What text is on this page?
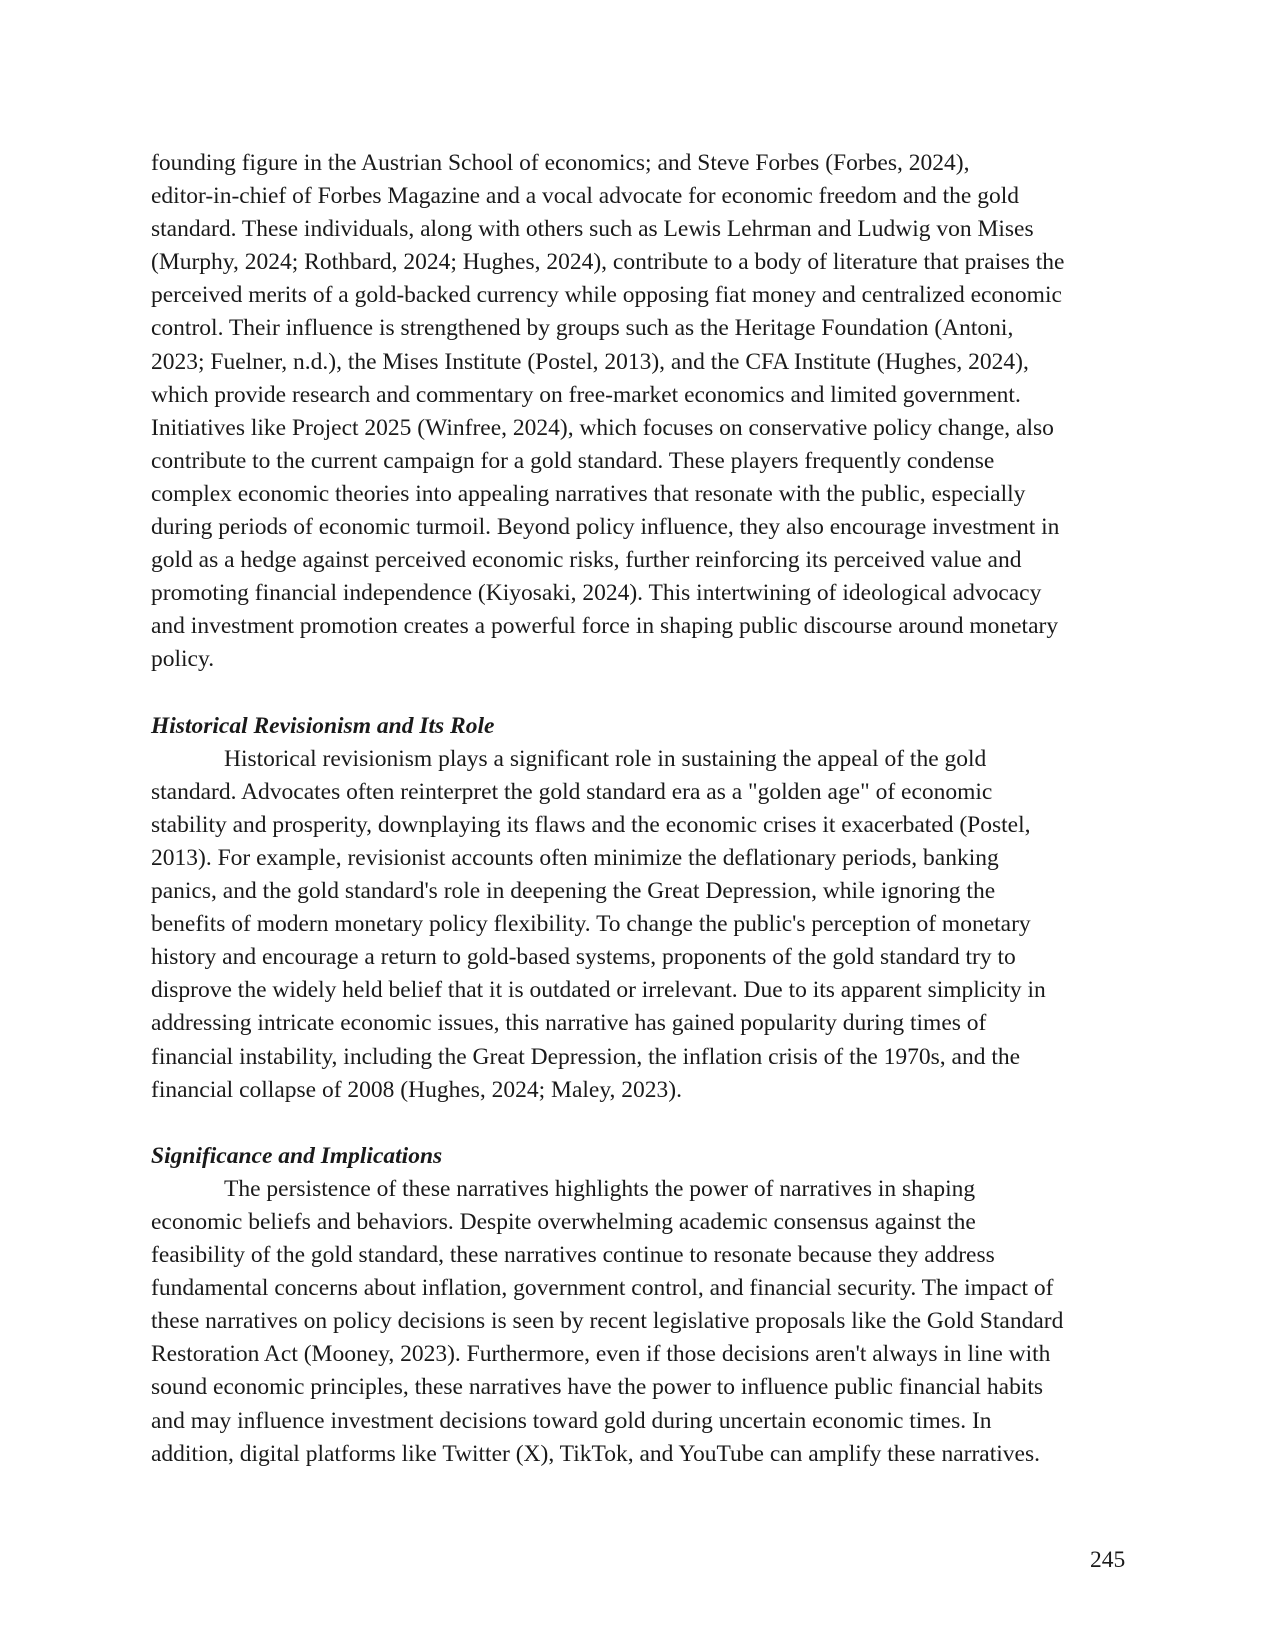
founding figure in the Austrian School of economics; and Steve Forbes (Forbes, 2024),
editor-in-chief of Forbes Magazine and a vocal advocate for economic freedom and the gold
standard. These individuals, along with others such as Lewis Lehrman and Ludwig von Mises
(Murphy, 2024; Rothbard, 2024; Hughes, 2024), contribute to a body of literature that praises the
perceived merits of a gold-backed currency while opposing fiat money and centralized economic
control. Their influence is strengthened by groups such as the Heritage Foundation (Antoni,
2023; Fuelner, n.d.), the Mises Institute (Postel, 2013), and the CFA Institute (Hughes, 2024),
which provide research and commentary on free-market economics and limited government.
Initiatives like Project 2025 (Winfree, 2024), which focuses on conservative policy change, also
contribute to the current campaign for a gold standard. These players frequently condense
complex economic theories into appealing narratives that resonate with the public, especially
during periods of economic turmoil. Beyond policy influence, they also encourage investment in
gold as a hedge against perceived economic risks, further reinforcing its perceived value and
promoting financial independence (Kiyosaki, 2024). This intertwining of ideological advocacy
and investment promotion creates a powerful force in shaping public discourse around monetary
policy.
Historical Revisionism and Its Role
Historical revisionism plays a significant role in sustaining the appeal of the gold
standard. Advocates often reinterpret the gold standard era as a "golden age" of economic
stability and prosperity, downplaying its flaws and the economic crises it exacerbated (Postel,
2013). For example, revisionist accounts often minimize the deflationary periods, banking
panics, and the gold standard's role in deepening the Great Depression, while ignoring the
benefits of modern monetary policy flexibility. To change the public's perception of monetary
history and encourage a return to gold-based systems, proponents of the gold standard try to
disprove the widely held belief that it is outdated or irrelevant. Due to its apparent simplicity in
addressing intricate economic issues, this narrative has gained popularity during times of
financial instability, including the Great Depression, the inflation crisis of the 1970s, and the
financial collapse of 2008 (Hughes, 2024; Maley, 2023).
Significance and Implications
The persistence of these narratives highlights the power of narratives in shaping
economic beliefs and behaviors. Despite overwhelming academic consensus against the
feasibility of the gold standard, these narratives continue to resonate because they address
fundamental concerns about inflation, government control, and financial security. The impact of
these narratives on policy decisions is seen by recent legislative proposals like the Gold Standard
Restoration Act (Mooney, 2023). Furthermore, even if those decisions aren't always in line with
sound economic principles, these narratives have the power to influence public financial habits
and may influence investment decisions toward gold during uncertain economic times. In
addition, digital platforms like Twitter (X), TikTok, and YouTube can amplify these narratives.
245
